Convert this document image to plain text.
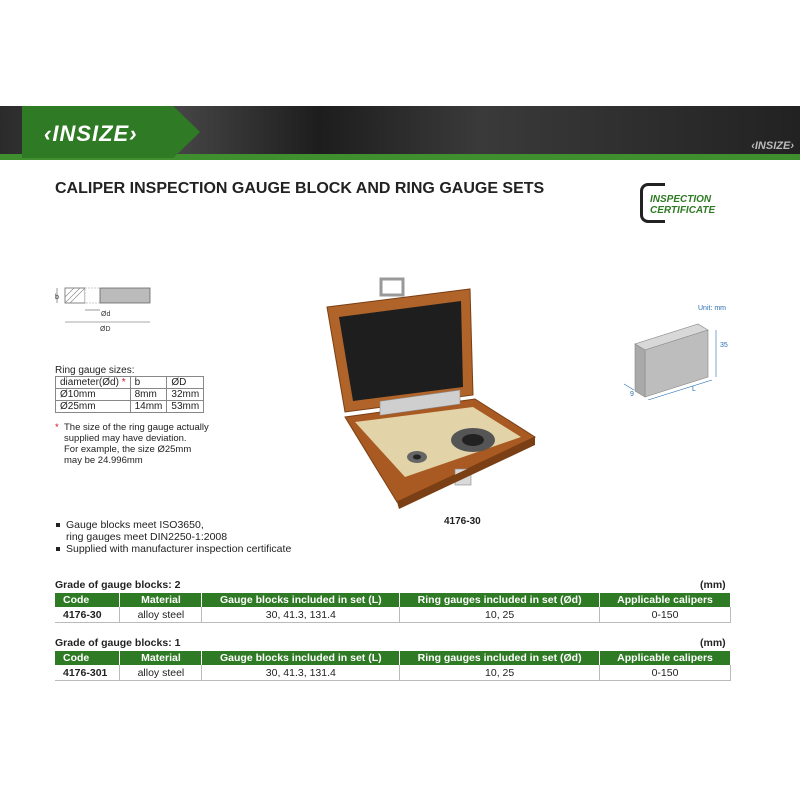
‹INSIZE›	‹INSIZE›
CALIPER INSPECTION GAUGE BLOCK AND RING GAUGE SETS
INSPECTION
CERTIFICATE
b
Ød
ØD
Ring gauge sizes:
diameter(Ød) *	b	ØD
Ø10mm	8mm	32mm
Ø25mm	14mm	53mm
* The size of the ring gauge actually
supplied may have deviation.
For example, the size Ø25mm
may be 24.996mm
4176-30
Unit: mm
35
9
L
Gauge blocks meet ISO3650,
ring gauges meet DIN2250-1:2008
Supplied with manufacturer inspection certificate
Grade of gauge blocks: 2	(mm)
Code	Material	Gauge blocks included in set (L)	Ring gauges included in set (Ød)	Applicable calipers
4176-30	alloy steel	30, 41.3, 131.4	10, 25	0-150
Grade of gauge blocks: 1	(mm)
Code	Material	Gauge blocks included in set (L)	Ring gauges included in set (Ød)	Applicable calipers
4176-301	alloy steel	30, 41.3, 131.4	10, 25	0-150
